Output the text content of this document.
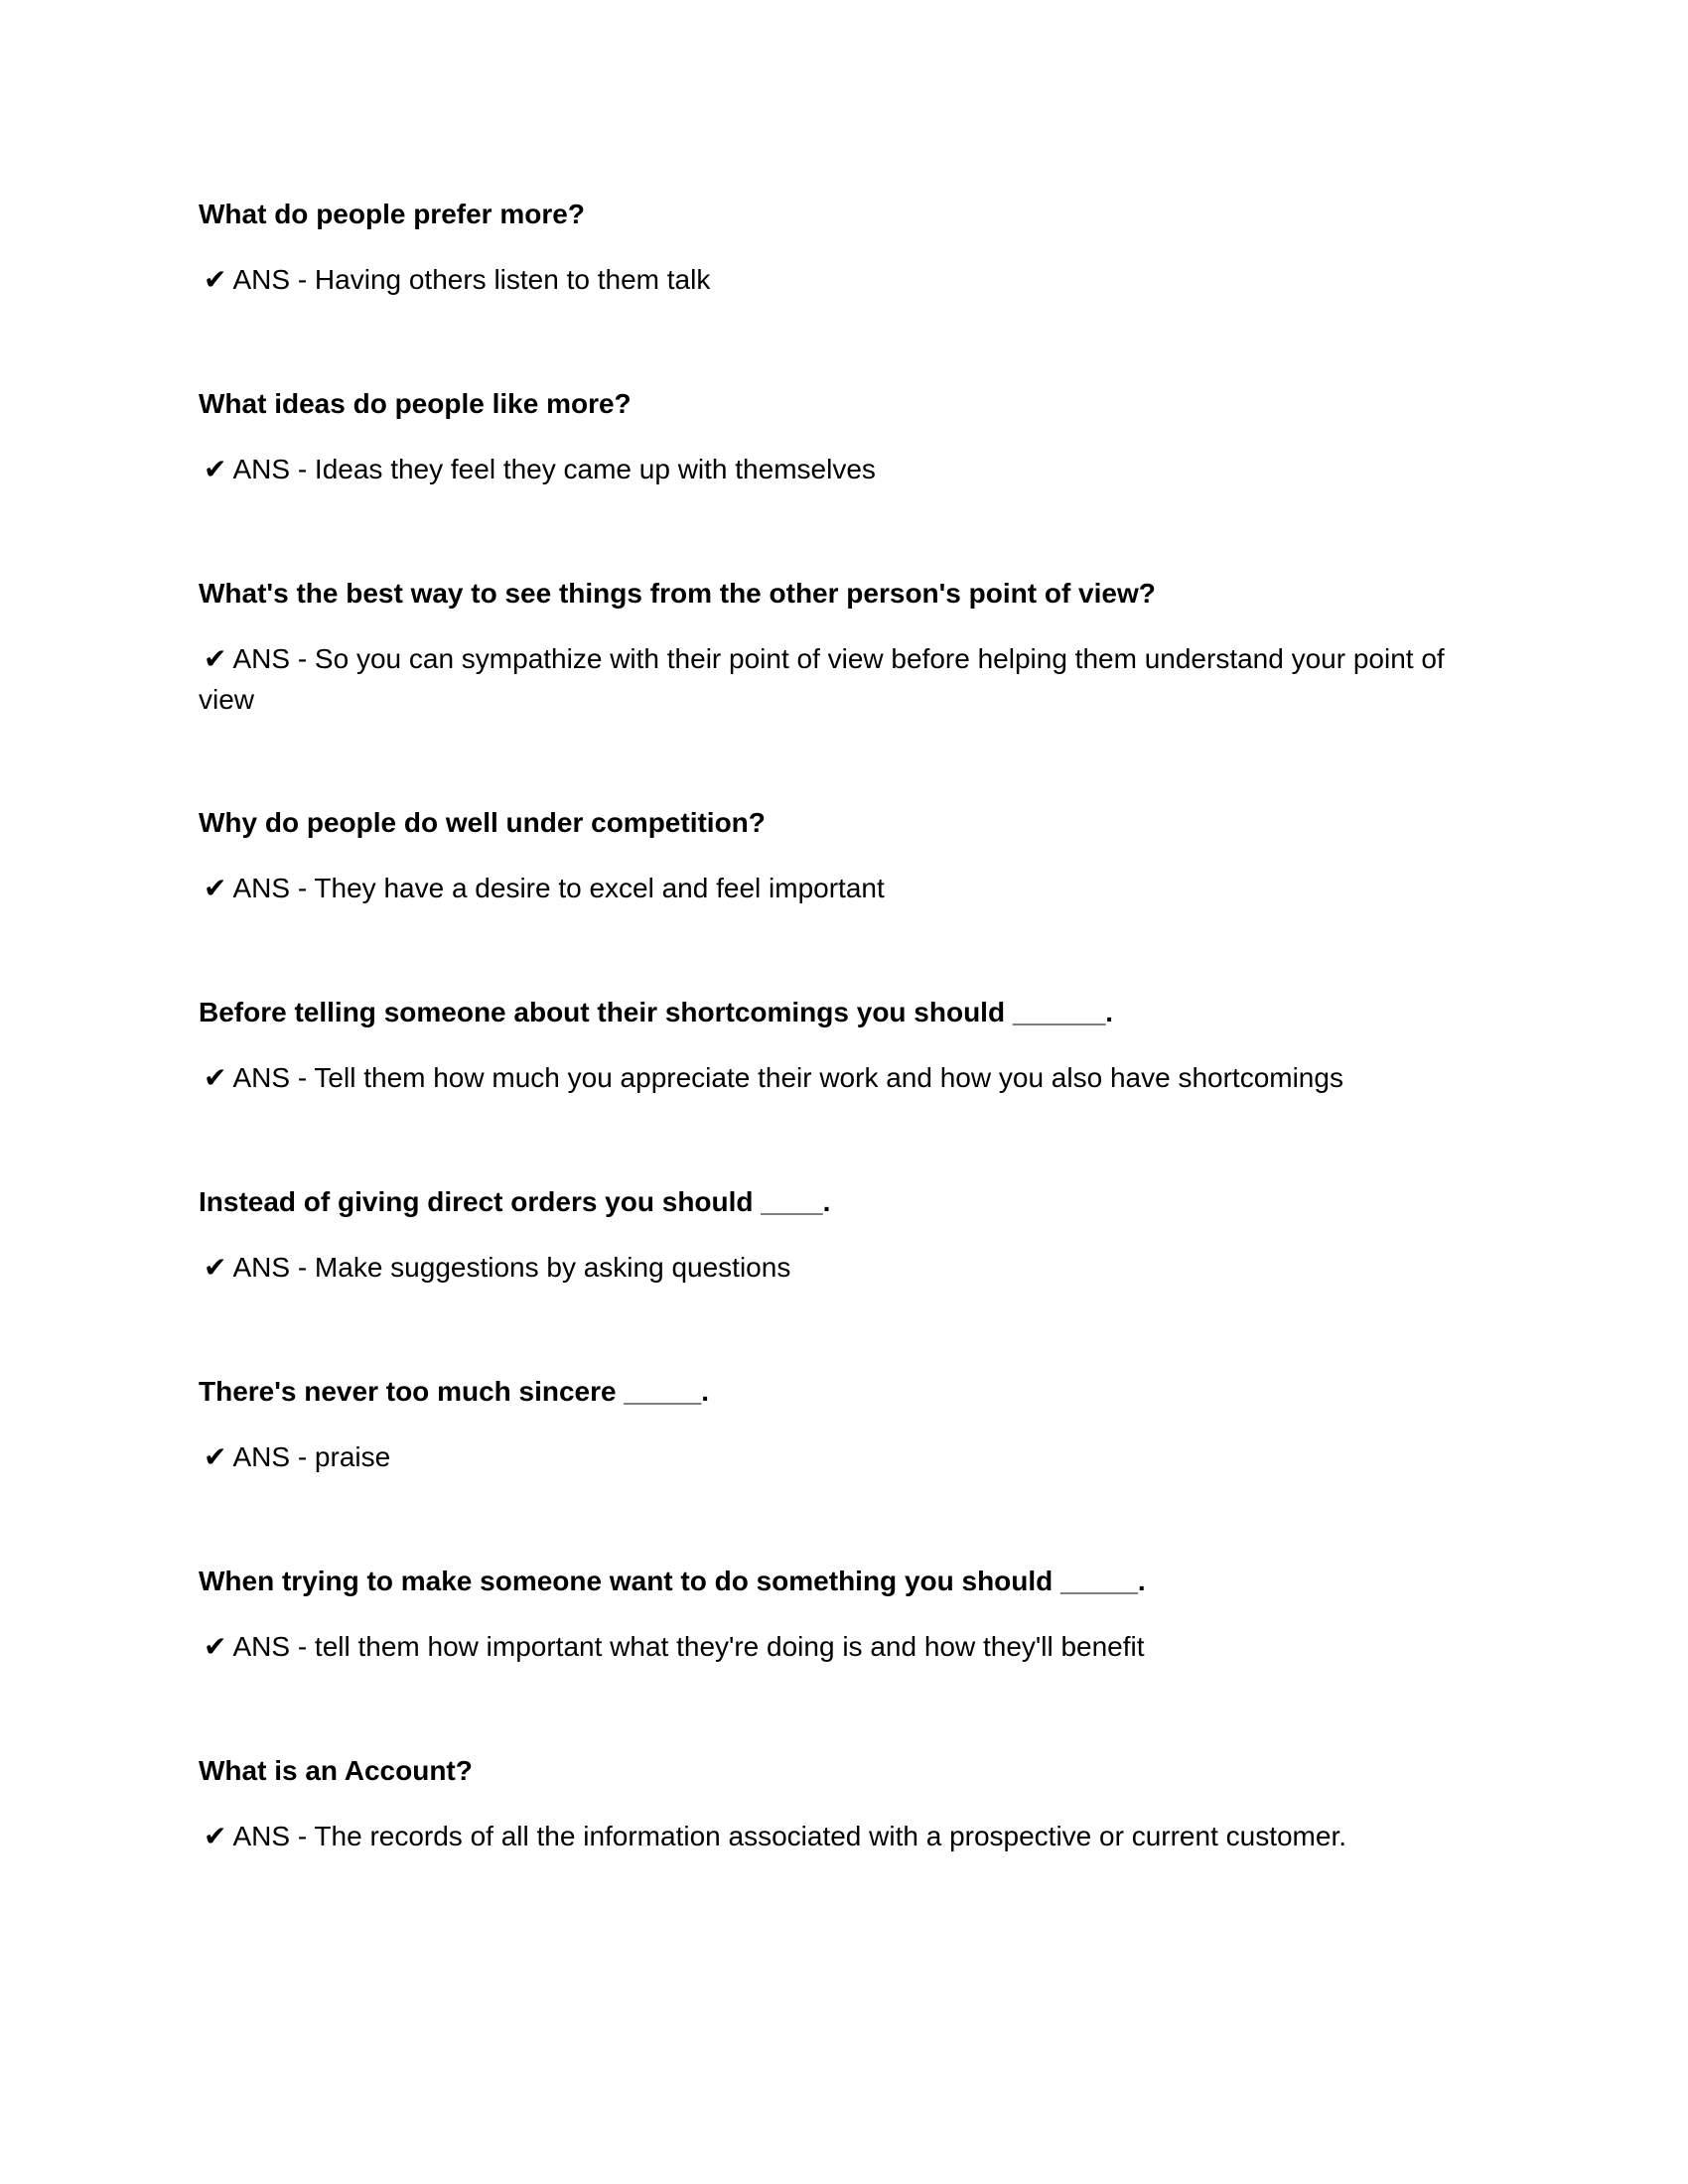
What do people prefer more?

✔ ANS - Having others listen to them talk

What ideas do people like more?

✔ ANS - Ideas they feel they came up with themselves

What's the best way to see things from the other person's point of view?

✔ ANS - So you can sympathize with their point of view before helping them understand your point of view

Why do people do well under competition?

✔ ANS - They have a desire to excel and feel important

Before telling someone about their shortcomings you should ______.

✔ ANS - Tell them how much you appreciate their work and how you also have shortcomings

Instead of giving direct orders you should ____.

✔ ANS - Make suggestions by asking questions

There's never too much sincere _____.

✔ ANS - praise

When trying to make someone want to do something you should _____.

✔ ANS - tell them how important what they're doing is and how they'll benefit

What is an Account?

✔ ANS - The records of all the information associated with a prospective or current customer.
